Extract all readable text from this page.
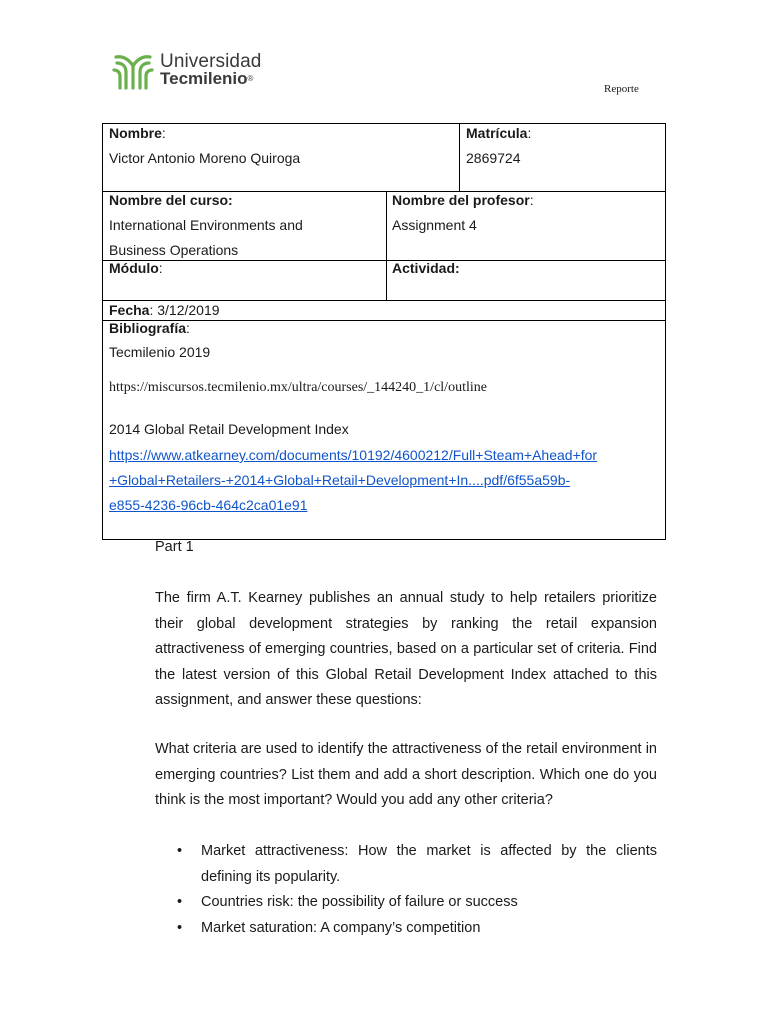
Universidad
Tecmilenio®
Reporte
Nombre:
Victor Antonio Moreno Quiroga
Matrícula:
2869724
Nombre del curso:
International Environments and
Business Operations
Nombre del profesor:
Assignment 4
Módulo:	Actividad:
Fecha: 3/12/2019
Bibliografía:
Tecmilenio 2019
https://miscursos.tecmilenio.mx/ultra/courses/_144240_1/cl/outline
2014 Global Retail Development Index
https://www.atkearney.com/documents/10192/4600212/Full+Steam+Ahead+for
+Global+Retailers-+2014+Global+Retail+Development+In....pdf/6f55a59b-
e855-4236-96cb-464c2ca01e91
Part 1
The firm A.T. Kearney publishes an annual study to help retailers prioritize their global development strategies by ranking the retail expansion attractiveness of emerging countries, based on a particular set of criteria. Find the latest version of this Global Retail Development Index attached to this assignment, and answer these questions:
What criteria are used to identify the attractiveness of the retail environment in emerging countries? List them and add a short description. Which one do you think is the most important? Would you add any other criteria?
• Market attractiveness: How the market is affected by the clients defining its popularity.
• Countries risk: the possibility of failure or success
• Market saturation: A company’s competition
